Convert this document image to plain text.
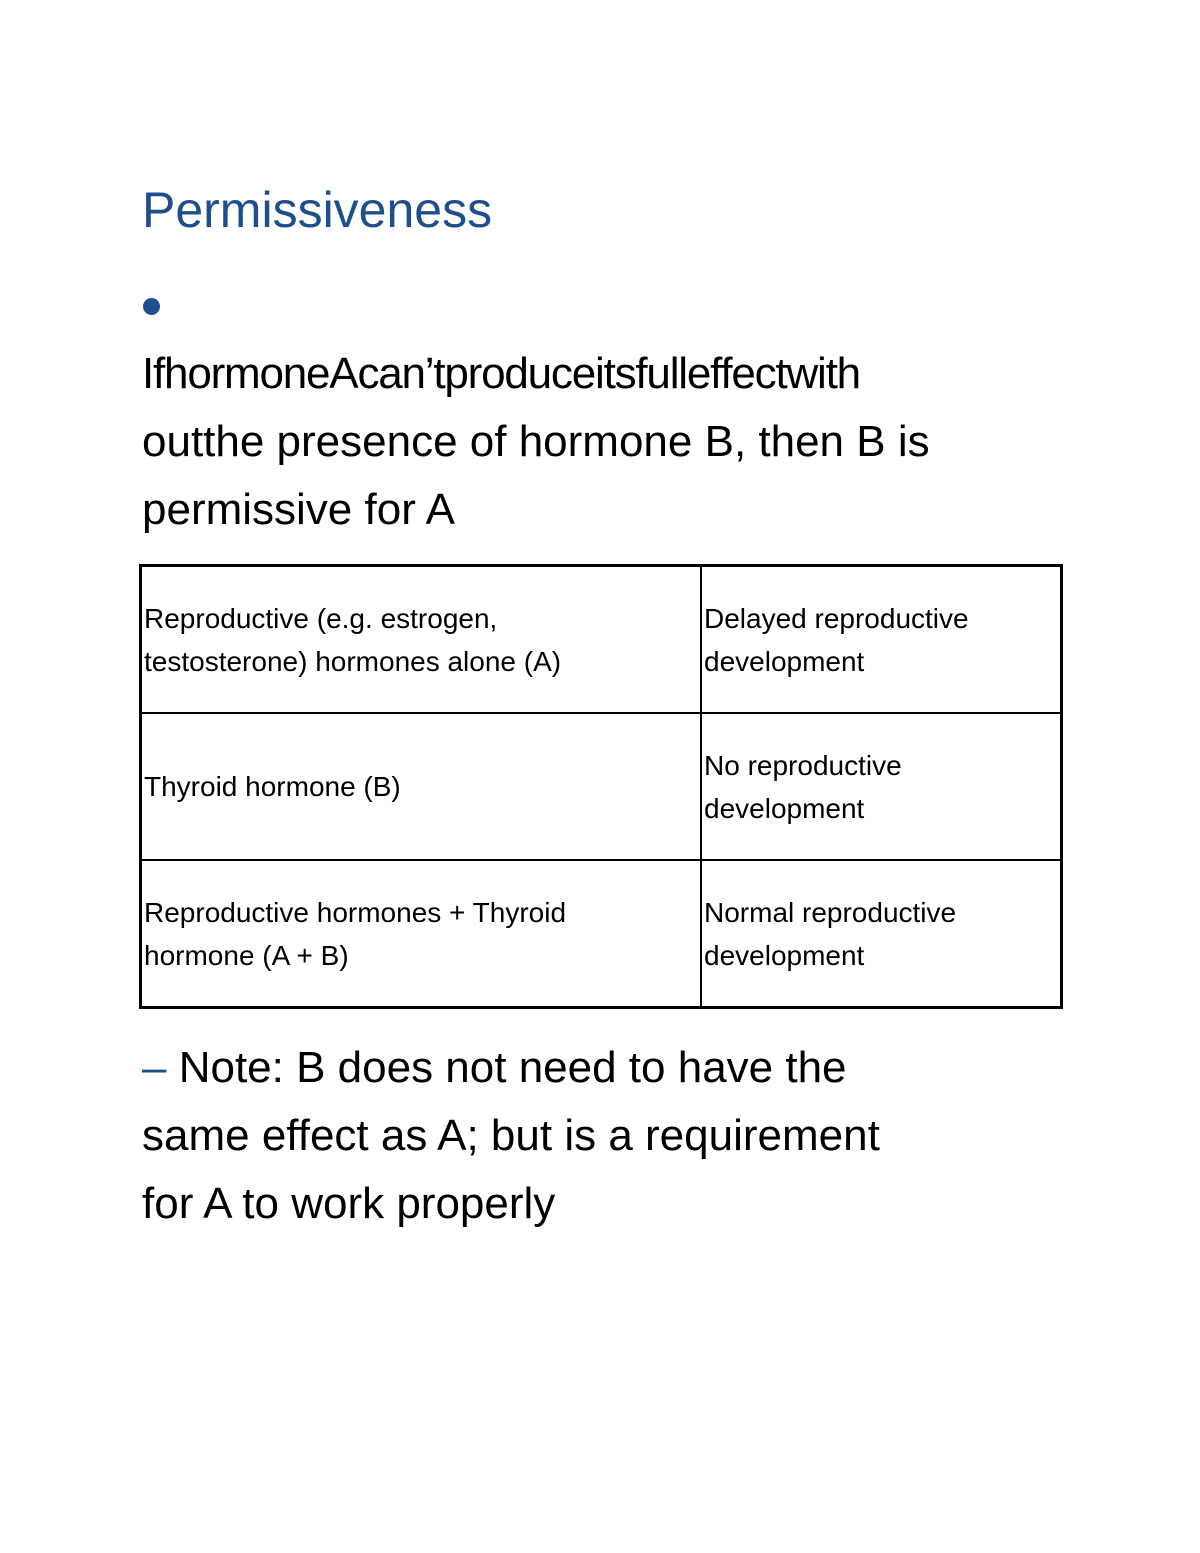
Permissiveness
IfhormoneAcan’tproduceitsfulleffectwith
outthe presence of hormone B, then B is
permissive for A
Reproductive (e.g. estrogen,
testosterone) hormones alone (A)	Delayed reproductive
development

Thyroid hormone (B)	No reproductive
development

Reproductive hormones + Thyroid
hormone (A + B)	Normal reproductive
development
– Note: B does not need to have the
same effect as A; but is a requirement
for A to work properly
